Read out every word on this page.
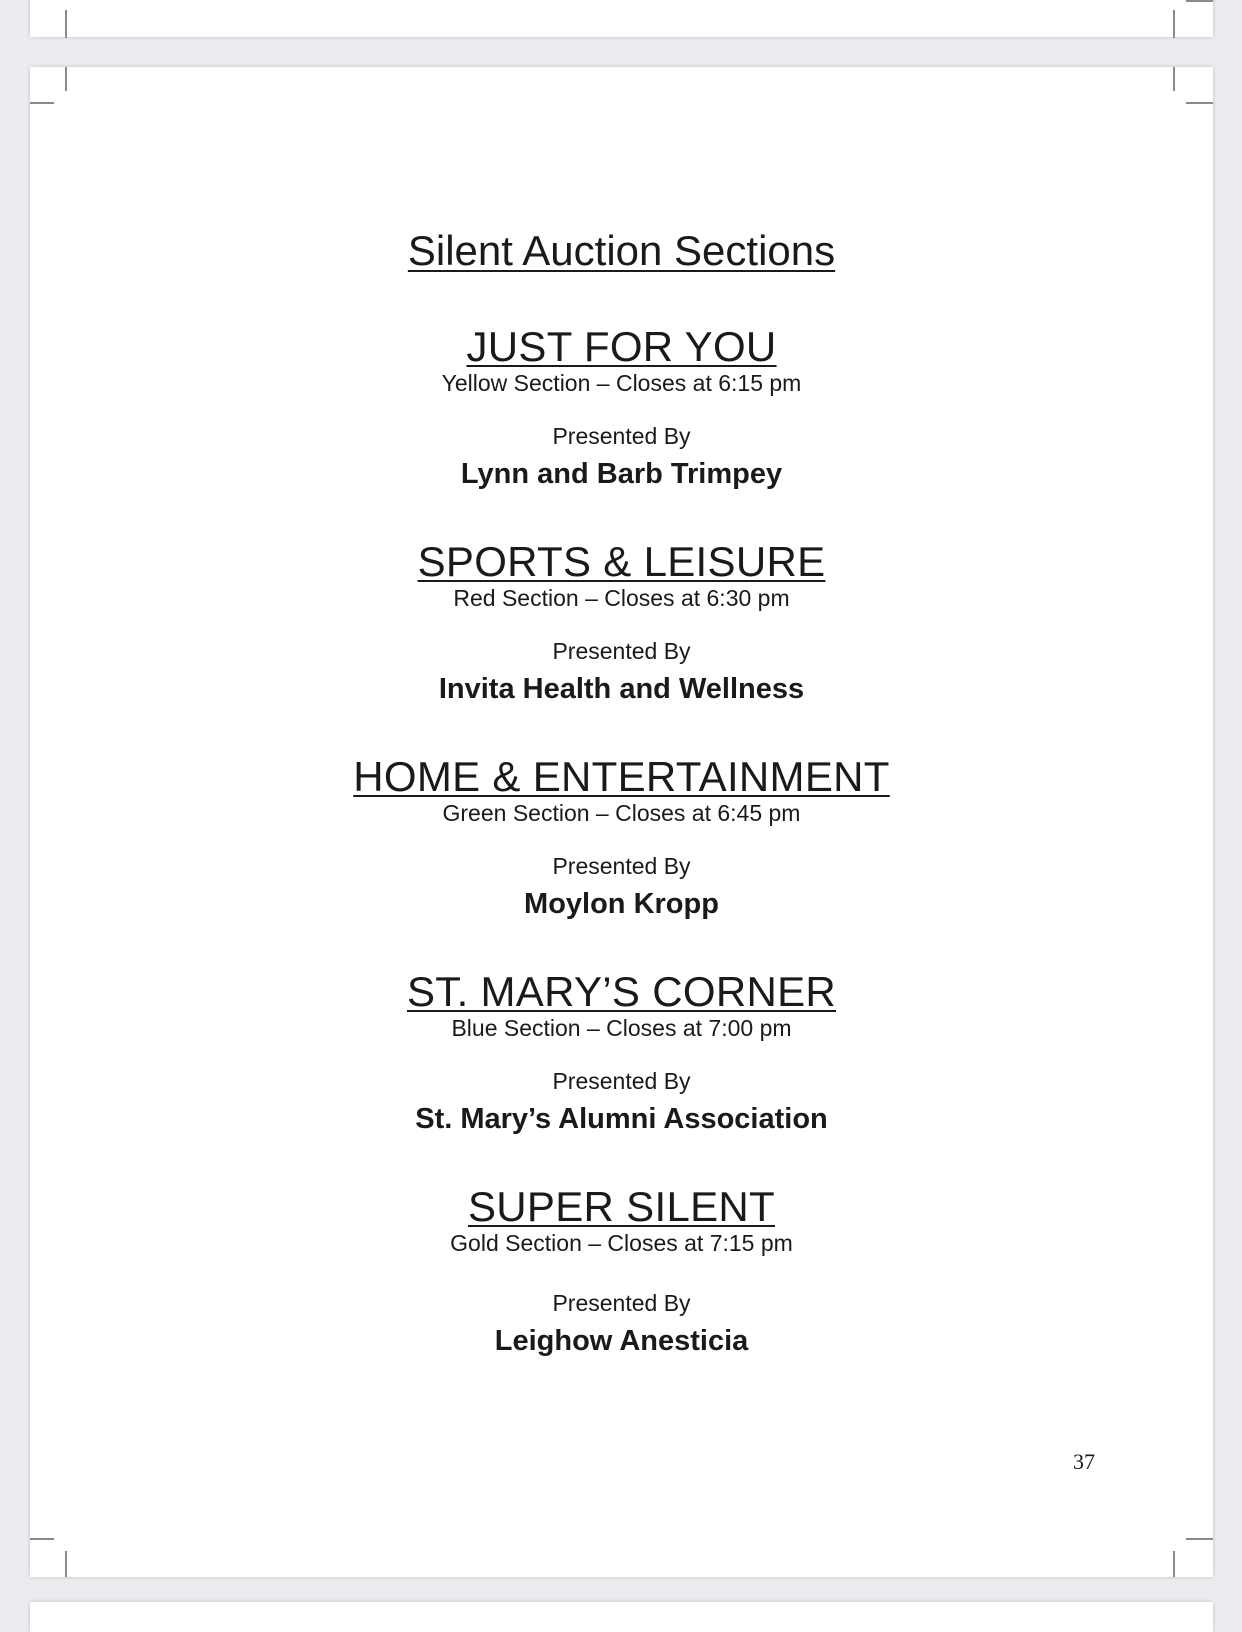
Silent Auction Sections
JUST FOR YOU
Yellow Section – Closes at 6:15 pm
Presented By
Lynn and Barb Trimpey
SPORTS & LEISURE
Red Section – Closes at 6:30 pm
Presented By
Invita Health and Wellness
HOME & ENTERTAINMENT
Green Section – Closes at 6:45 pm
Presented By
Moylon Kropp
ST. MARY’S CORNER
Blue Section – Closes at 7:00 pm
Presented By
St. Mary’s Alumni Association
SUPER SILENT
Gold Section – Closes at 7:15 pm
Presented By
Leighow Anesticia
37
